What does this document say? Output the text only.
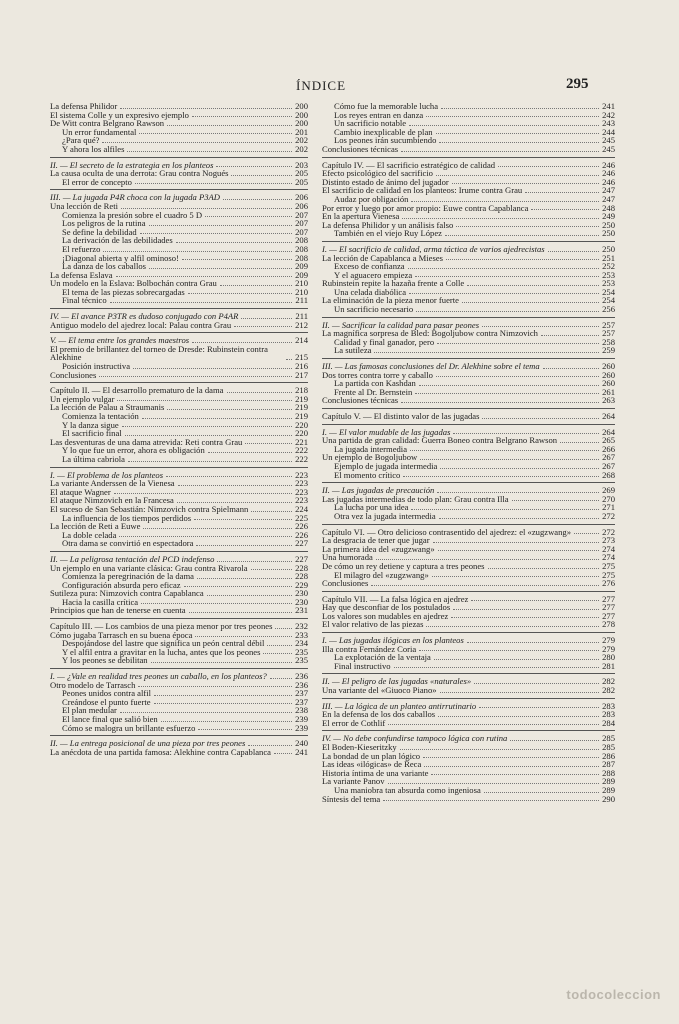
ÍNDICE	295
La defensa Philidor	200
El sistema Colle y un expresivo ejemplo	200
De Witt contra Belgrano Rawson	200
Un error fundamental	201
¿Para qué?	202
Y ahora los alfiles	202
II. — El secreto de la estrategia en los planteos	203
La causa oculta de una derrota: Grau contra Nogués	205
El error de concepto	205
III. — La jugada P4R choca con la jugada P3AD	206
Una lección de Reti	206
Comienza la presión sobre el cuadro 5 D	207
Los peligros de la rutina	207
Se define la debilidad	207
La derivación de las debilidades	208
El refuerzo	208
¡Diagonal abierta y alfil ominoso!	208
La danza de los caballos	209
La defensa Eslava	209
Un modelo en la Eslava: Bolbochán contra Grau	210
El tema de las piezas sobrecargadas	210
Final técnico	211
IV. — El avance P3TR es dudoso conjugado con P4AR	211
Antiguo modelo del ajedrez local: Palau contra Grau	212
V. — El tema entre los grandes maestros	214
El premio de brillantez del torneo de Dresde: Rubinstein contra Alekhine	215
Posición instructiva	216
Conclusiones	217
Capítulo II. — El desarrollo prematuro de la dama	218
Un ejemplo vulgar	219
La lección de Palau a Straumanis	219
Comienza la tentación	219
Y la danza sigue	220
El sacrificio final	220
Las desventuras de una dama atrevida: Reti contra Grau	221
Y lo que fue un error, ahora es obligación	222
La última cabriola	222
I. — El problema de los planteos	223
La variante Anderssen de la Vienesa	223
El ataque Wagner	223
El ataque Nimzovich en la Francesa	223
El suceso de San Sebastián: Nimzovich contra Spielmann	224
La influencia de los tiempos perdidos	225
La lección de Reti a Euwe	226
La doble celada	226
Otra dama se convirtió en espectadora	227
II. — La peligrosa tentación del PCD indefenso	227
Un ejemplo en una variante clásica: Grau contra Rivarola	228
Comienza la peregrinación de la dama	228
Configuración absurda pero eficaz	229
Sutileza pura: Nimzovich contra Capablanca	230
Hacia la casilla crítica	230
Principios que han de tenerse en cuenta	231
Capítulo III. — Los cambios de una pieza menor por tres peones	232
Cómo jugaba Tarrasch en su buena época	233
Despojándose del lastre que significa un peón central débil	234
Y el alfil entra a gravitar en la lucha, antes que los peones	235
Y los peones se debilitan	235
I. — ¿Vale en realidad tres peones un caballo, en los planteos?	236
Otro modelo de Tarrasch	236
Peones unidos contra alfil	237
Creándose el punto fuerte	237
El plan medular	238
El lance final que salió bien	239
Cómo se malogra un brillante esfuerzo	239
II. — La entrega posicional de una pieza por tres peones	240
La anécdota de una partida famosa: Alekhine contra Capablanca	241
Cómo fue la memorable lucha	241
Los reyes entran en danza	242
Un sacrificio notable	243
Cambio inexplicable de plan	244
Los peones irán sucumbiendo	245
Conclusiones técnicas	245
Capítulo IV. — El sacrificio estratégico de calidad	246
Efecto psicológico del sacrificio	246
Distinto estado de ánimo del jugador	246
El sacrificio de calidad en los planteos: Irume contra Grau	247
Audaz por obligación	247
Por error y luego por amor propio: Euwe contra Capablanca	248
En la apertura Vienesa	249
La defensa Philidor y un análisis falso	250
También en el viejo Ruy López	250
I. — El sacrificio de calidad, arma táctica de varios ajedrecistas	250
La lección de Capablanca a Mieses	251
Exceso de confianza	252
Y el aguacero empieza	253
Rubinstein repite la hazaña frente a Colle	253
Una celada diabólica	254
La eliminación de la pieza menor fuerte	254
Un sacrificio necesario	256
II. — Sacrificar la calidad para pasar peones	257
La magnífica sorpresa de Bled: Bogoljubow contra Nimzovich	257
Calidad y final ganador, pero	258
La sutileza	259
III. — Las famosas conclusiones del Dr. Alekhine sobre el tema	260
Dos torres contra torre y caballo	260
La partida con Kashdan	260
Frente al Dr. Bernstein	261
Conclusiones técnicas	263
Capítulo V. — El distinto valor de las jugadas	264
I. — El valor mudable de las jugadas	264
Una partida de gran calidad: Guerra Boneo contra Belgrano Rawson	265
La jugada intermedia	266
Un ejemplo de Bogoljubow	267
Ejemplo de jugada intermedia	267
El momento crítico	268
II. — Las jugadas de precaución	269
Las jugadas intermedias de todo plan: Grau contra Illa	270
La lucha por una idea	271
Otra vez la jugada intermedia	272
Capítulo VI. — Otro delicioso contrasentido del ajedrez: el «zugzwang»	272
La desgracia de tener que jugar	273
La primera idea del «zugzwang»	274
Una humorada	274
De cómo un rey detiene y captura a tres peones	275
El milagro del «zugzwang»	275
Conclusiones	276
Capítulo VII. — La falsa lógica en ajedrez	277
Hay que desconfiar de los postulados	277
Los valores son mudables en ajedrez	277
El valor relativo de las piezas	278
I. — Las jugadas ilógicas en los planteos	279
Illa contra Fernández Coria	279
La explotación de la ventaja	280
Final instructivo	281
II. — El peligro de las jugadas «naturales»	282
Una variante del «Giuoco Piano»	282
III. — La lógica de un planteo antirrutinario	283
En la defensa de los dos caballos	283
El error de Cothlif	284
IV. — No debe confundirse tampoco lógica con rutina	285
El Boden-Kieseritzky	285
La bondad de un plan lógico	286
Las ideas «ilógicas» de Reca	287
Historia íntima de una variante	288
La variante Panov	289
Una maniobra tan absurda como ingeniosa	289
Síntesis del tema	290
todocoleccion
